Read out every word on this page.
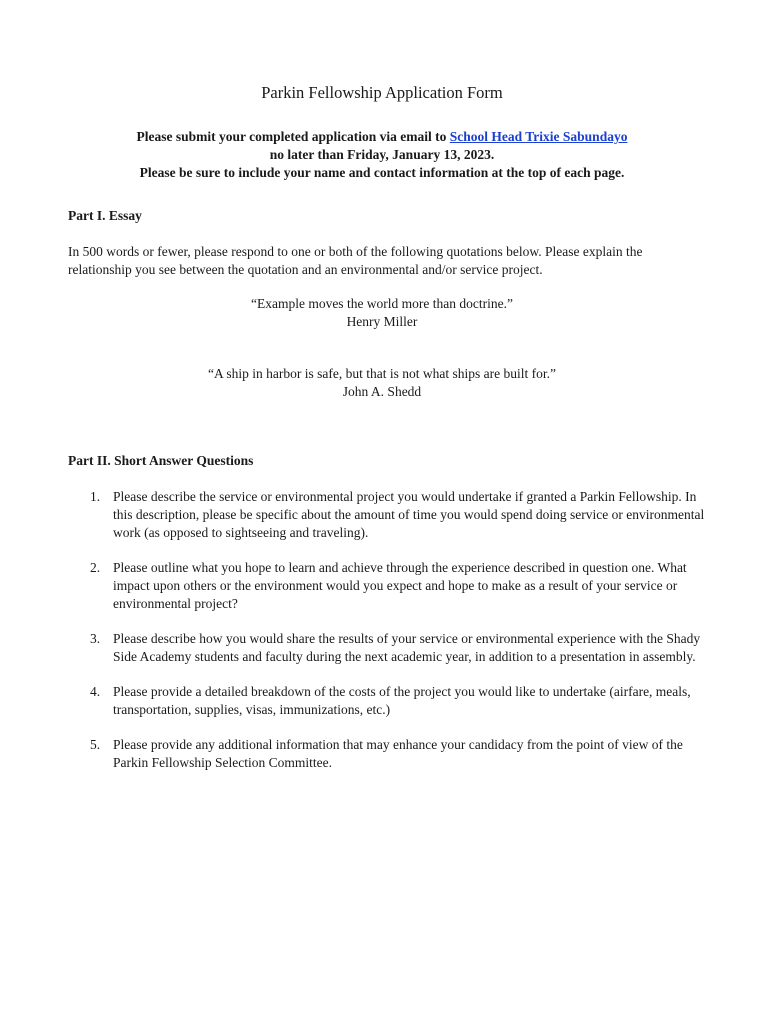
Parkin Fellowship Application Form
Please submit your completed application via email to School Head Trixie Sabundayo
no later than Friday, January 13, 2023.
Please be sure to include your name and contact information at the top of each page.
Part I. Essay

In 500 words or fewer, please respond to one or both of the following quotations below. Please explain the relationship you see between the quotation and an environmental and/or service project.

“Example moves the world more than doctrine.”
Henry Miller
“A ship in harbor is safe, but that is not what ships are built for.”
John A. Shedd
Part II. Short Answer Questions
1. Please describe the service or environmental project you would undertake if granted a Parkin Fellowship. In this description, please be specific about the amount of time you would spend doing service or environmental work (as opposed to sightseeing and traveling).
2. Please outline what you hope to learn and achieve through the experience described in question one. What impact upon others or the environment would you expect and hope to make as a result of your service or environmental project?
3. Please describe how you would share the results of your service or environmental experience with the Shady Side Academy students and faculty during the next academic year, in addition to a presentation in assembly.
4. Please provide a detailed breakdown of the costs of the project you would like to undertake (airfare, meals, transportation, supplies, visas, immunizations, etc.)
5. Please provide any additional information that may enhance your candidacy from the point of view of the Parkin Fellowship Selection Committee.
